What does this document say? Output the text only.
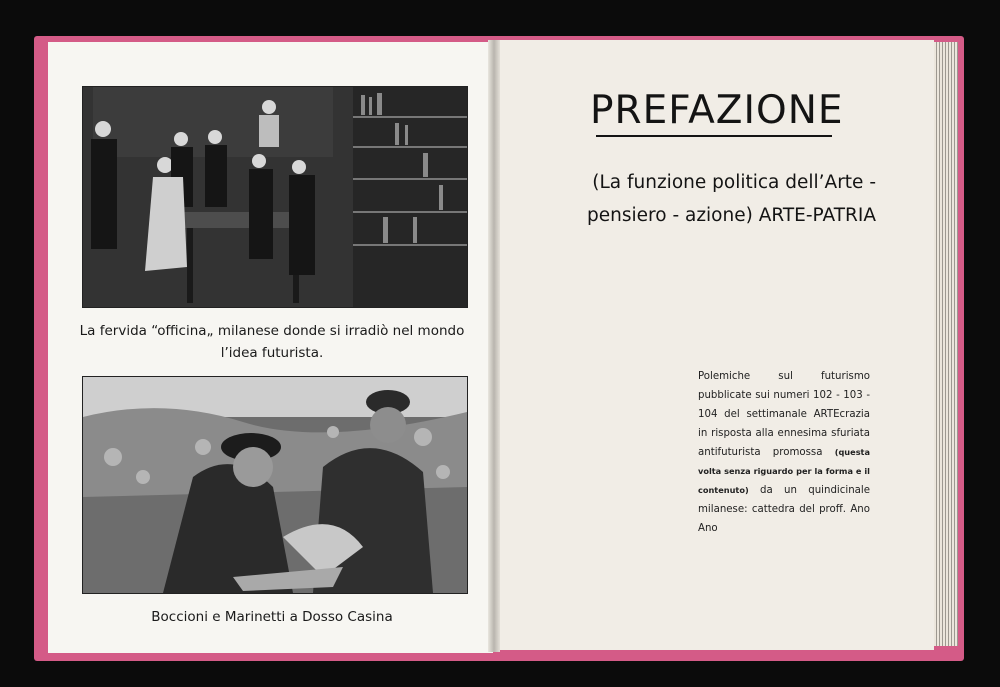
La fervida “officina„ milanese donde si irradiò nel mondo
l’idea futurista.
Boccioni e Marinetti a Dosso Casina
PREFAZIONE
(La funzione politica dell’Arte -
pensiero - azione) ARTE-PATRIA
Polemiche sul futurismo pubblicate sui numeri 102 - 103 - 104 del settimanale ARTEcrazia in risposta alla ennesima sfuriata antifuturista promossa (questa volta senza riguardo per la forma e il contenuto) da un quindicinale milanese: cattedra del proff. Ano Ano
